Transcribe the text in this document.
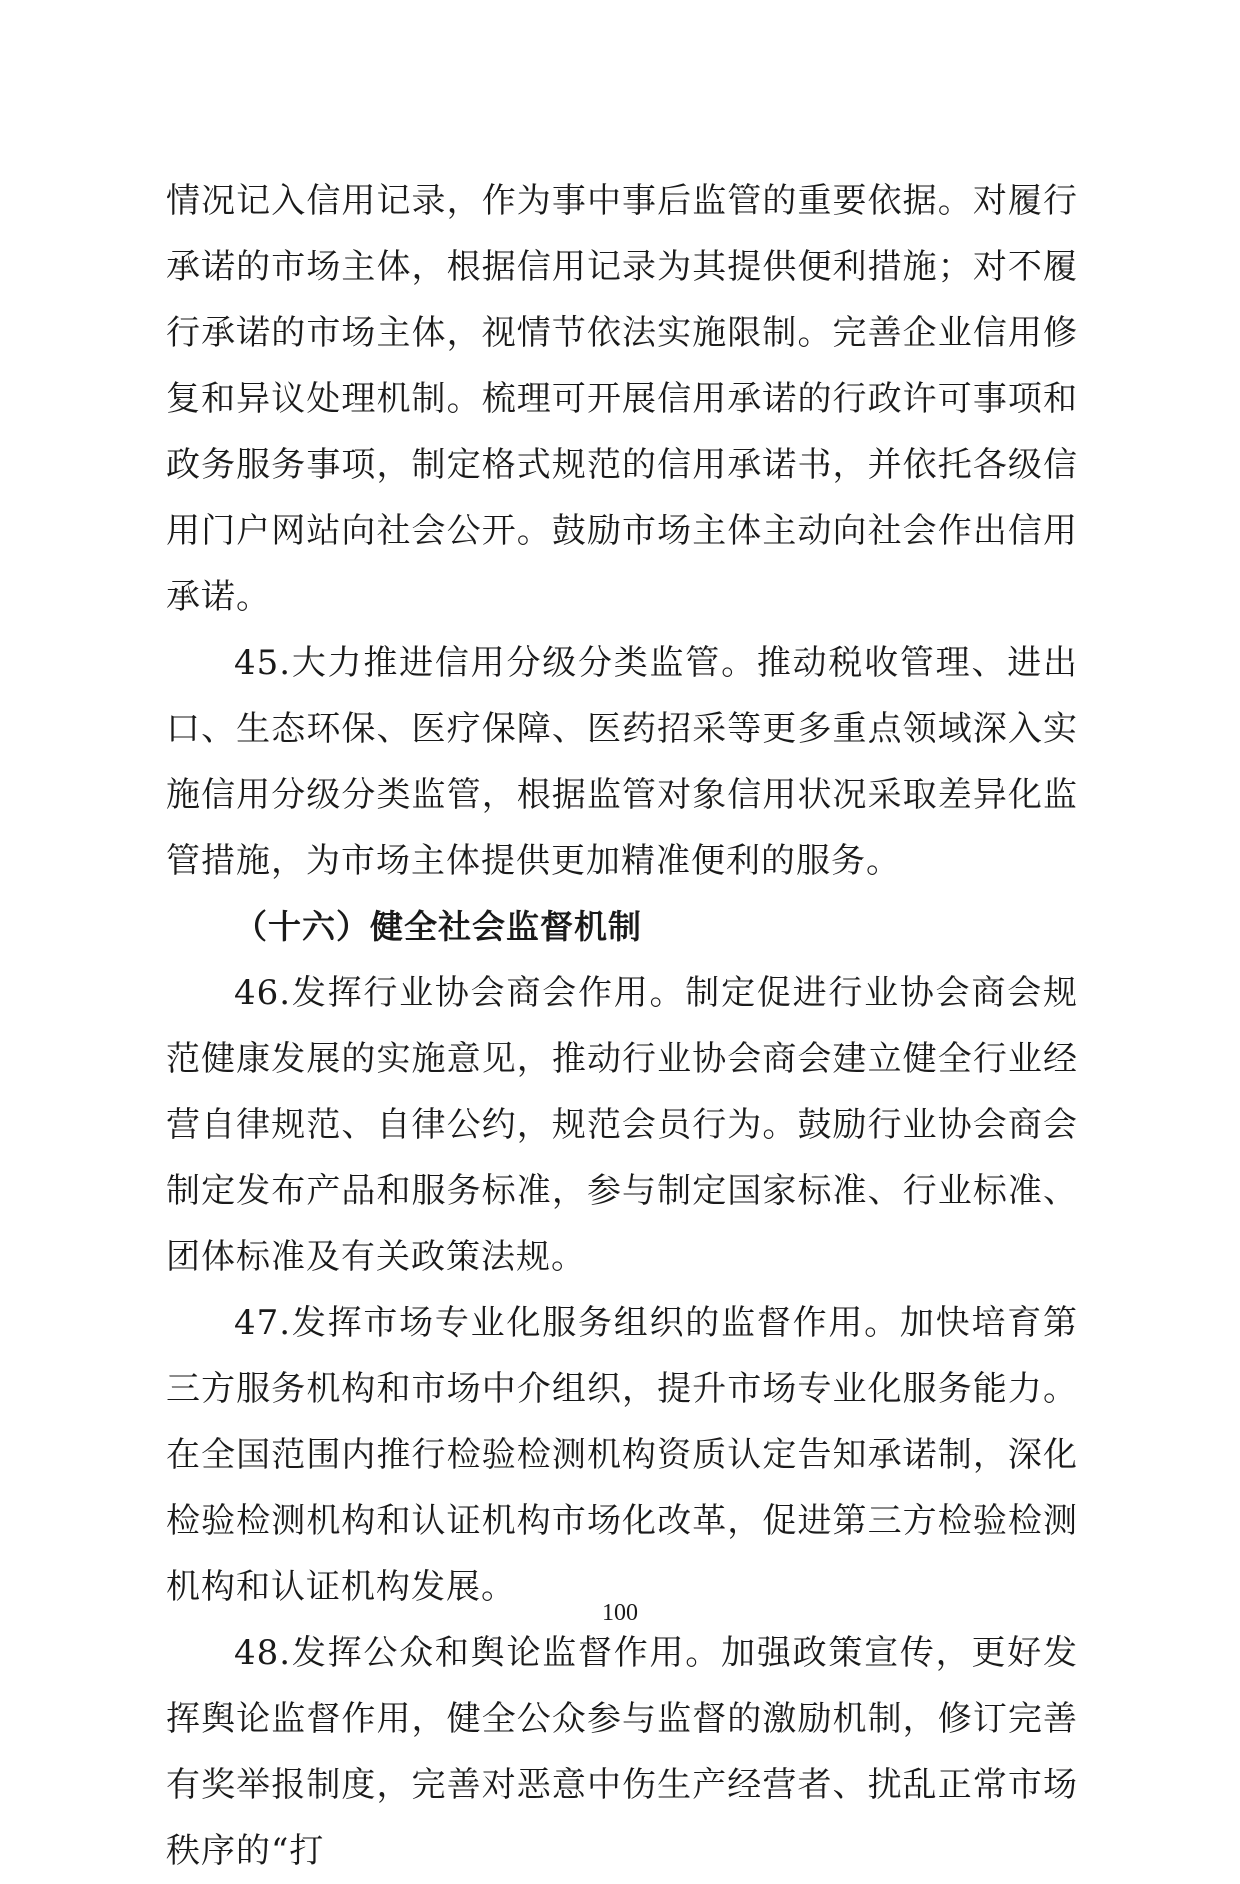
情况记入信用记录，作为事中事后监管的重要依据。对履行承诺的市场主体，根据信用记录为其提供便利措施；对不履行承诺的市场主体，视情节依法实施限制。完善企业信用修复和异议处理机制。梳理可开展信用承诺的行政许可事项和政务服务事项，制定格式规范的信用承诺书，并依托各级信用门户网站向社会公开。鼓励市场主体主动向社会作出信用承诺。

45.大力推进信用分级分类监管。推动税收管理、进出口、生态环保、医疗保障、医药招采等更多重点领域深入实施信用分级分类监管，根据监管对象信用状况采取差异化监管措施，为市场主体提供更加精准便利的服务。

（十六）健全社会监督机制

46.发挥行业协会商会作用。制定促进行业协会商会规范健康发展的实施意见，推动行业协会商会建立健全行业经营自律规范、自律公约，规范会员行为。鼓励行业协会商会制定发布产品和服务标准，参与制定国家标准、行业标准、团体标准及有关政策法规。

47.发挥市场专业化服务组织的监督作用。加快培育第三方服务机构和市场中介组织，提升市场专业化服务能力。在全国范围内推行检验检测机构资质认定告知承诺制，深化检验检测机构和认证机构市场化改革，促进第三方检验检测机构和认证机构发展。

48.发挥公众和舆论监督作用。加强政策宣传，更好发挥舆论监督作用，健全公众参与监督的激励机制，修订完善有奖举报制度，完善对恶意中伤生产经营者、扰乱正常市场秩序的“打

100
